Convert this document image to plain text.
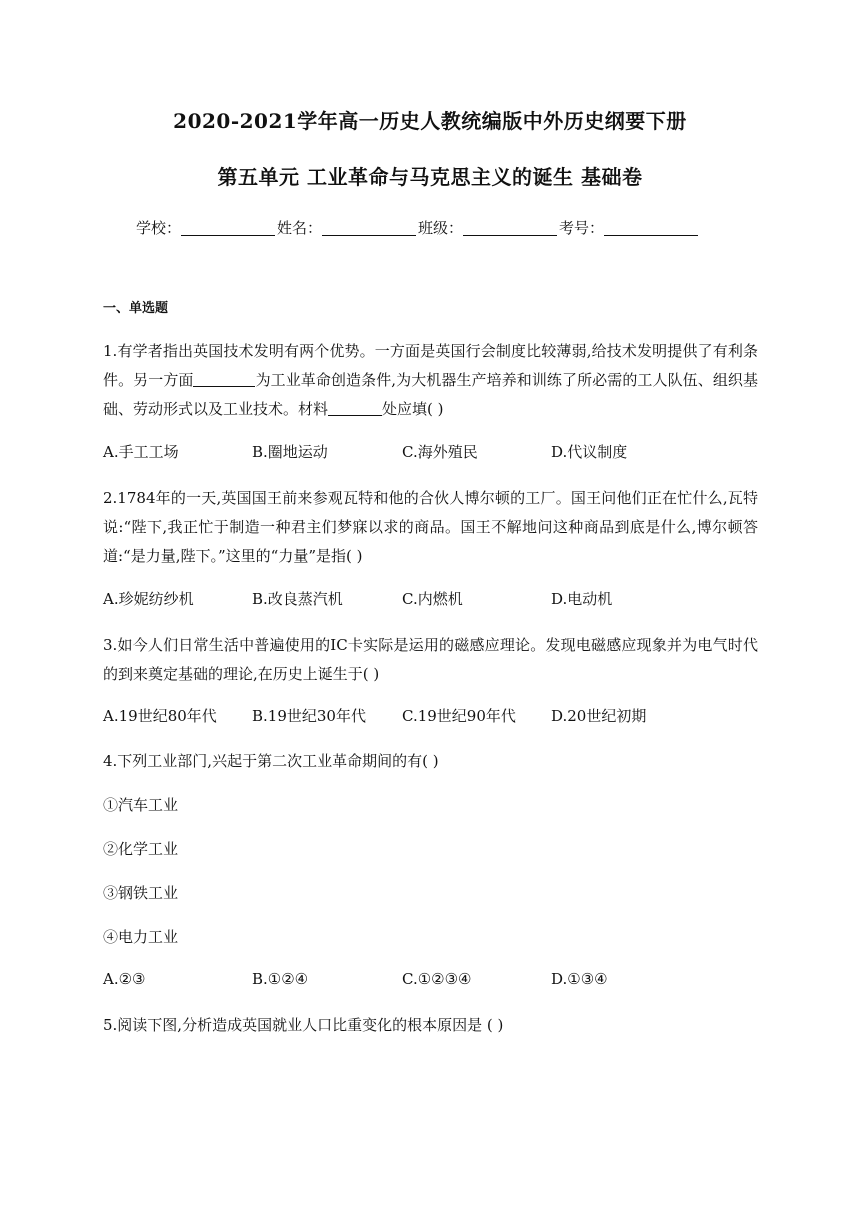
2020-2021学年高一历史人教统编版中外历史纲要下册
第五单元 工业革命与马克思主义的诞生 基础卷
学校：	姓名：	班级：	考号：
一、单选题
1.有学者指出英国技术发明有两个优势。一方面是英国行会制度比较薄弱,给技术发明提供了有利条件。另一方面	为工业革命创造条件,为大机器生产培养和训练了所必需的工人队伍、组织基础、劳动形式以及工业技术。材料	处应填( )
A.手工工场	B.圈地运动	C.海外殖民	D.代议制度
2.1784年的一天,英国国王前来参观瓦特和他的合伙人博尔顿的工厂。国王问他们正在忙什么,瓦特说:“陛下,我正忙于制造一种君主们梦寐以求的商品。国王不解地问这种商品到底是什么,博尔顿答道:“是力量,陛下。”这里的“力量”是指( )
A.珍妮纺纱机	B.改良蒸汽机	C.内燃机	D.电动机
3.如今人们日常生活中普遍使用的IC卡实际是运用的磁感应理论。发现电磁感应现象并为电气时代的到来奠定基础的理论,在历史上诞生于( )
A.19世纪80年代 B.19世纪30年代 C.19世纪90年代 D.20世纪初期
4.下列工业部门,兴起于第二次工业革命期间的有( )
①汽车工业
②化学工业
③钢铁工业
④电力工业
A.②③	B.①②④	C.①②③④	D.①③④
5.阅读下图,分析造成英国就业人口比重变化的根本原因是 ( )
